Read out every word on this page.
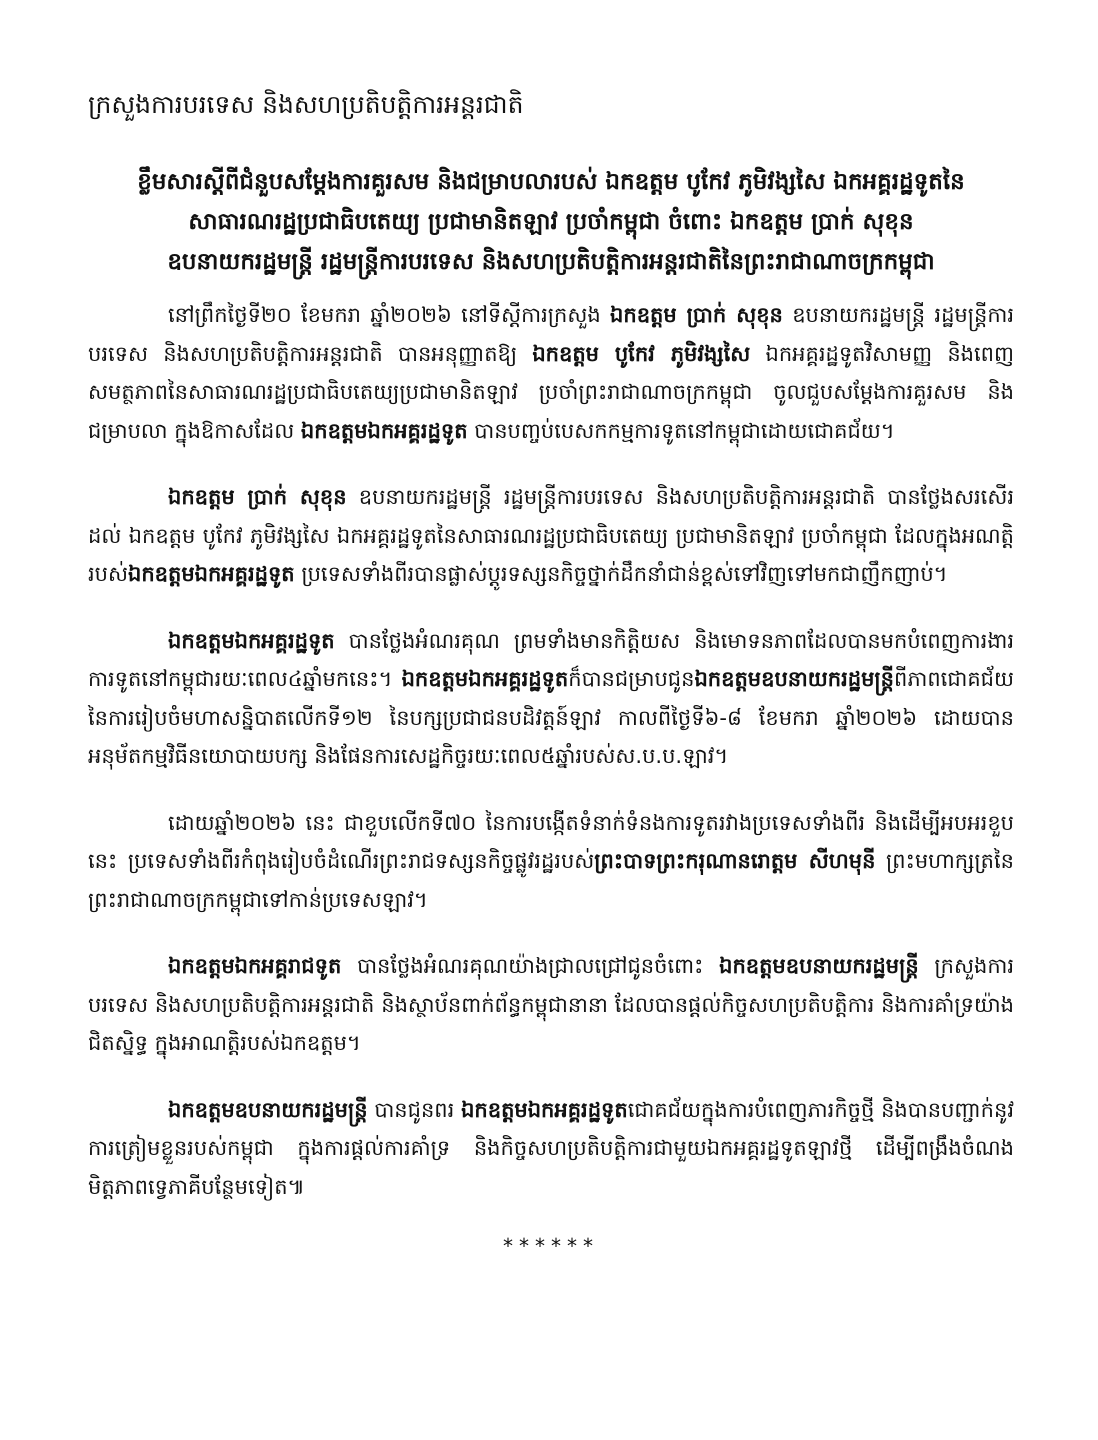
ក្រសួងការបរទេស និងសហប្រតិបត្តិការអន្តរជាតិ
ខ្លឹមសារស្តីពីជំនួបសម្តែងការគួរសម និងជម្រាបលារបស់ ឯកឧត្តម បូកែវ ភូមិវង្សសៃ ឯកអគ្គរដ្ឋទូតនៃ
សាធារណរដ្ឋប្រជាធិបតេយ្យ ប្រជាមានិតឡាវ ប្រចាំកម្ពុជា ចំពោះ ឯកឧត្តម ប្រាក់ សុខុន
ឧបនាយករដ្ឋមន្ត្រី រដ្ឋមន្ត្រីការបរទេស និងសហប្រតិបត្តិការអន្តរជាតិនៃព្រះរាជាណាចក្រកម្ពុជា

នៅព្រឹកថ្ងៃទី២០ ខែមករា ឆ្នាំ២០២៦ នៅទីស្តីការក្រសួង ឯកឧត្តម ប្រាក់ សុខុន ឧបនាយករដ្ឋមន្ត្រី រដ្ឋមន្ត្រីការបរទេស និងសហប្រតិបត្តិការអន្តរជាតិ បានអនុញ្ញាតឱ្យ ឯកឧត្តម បូកែវ ភូមិវង្សសៃ ឯកអគ្គរដ្ឋទូតវិសាមញ្ញ និងពេញសមត្ថភាពនៃសាធារណរដ្ឋប្រជាធិបតេយ្យប្រជាមានិតឡាវ ប្រចាំព្រះរាជាណាចក្រកម្ពុជា ចូលជួបសម្តែងការគួរសម និងជម្រាបលា ក្នុងឱកាសដែល ឯកឧត្តមឯកអគ្គរដ្ឋទូត បានបញ្ចប់បេសកកម្មការទូតនៅកម្ពុជាដោយជោគជ័យ។

ឯកឧត្តម ប្រាក់ សុខុន ឧបនាយករដ្ឋមន្ត្រី រដ្ឋមន្ត្រីការបរទេស និងសហប្រតិបត្តិការអន្តរជាតិ បានថ្លែងសរសើរដល់ ឯកឧត្តម បូកែវ ភូមិវង្សសៃ ឯកអគ្គរដ្ឋទូតនៃសាធារណរដ្ឋប្រជាធិបតេយ្យ ប្រជាមានិតឡាវ ប្រចាំកម្ពុជា ដែលក្នុងអណត្តិរបស់ឯកឧត្តមឯកអគ្គរដ្ឋទូត ប្រទេសទាំងពីរបានផ្លាស់ប្តូរទស្សនកិច្ចថ្នាក់ដឹកនាំជាន់ខ្ពស់ទៅវិញទៅមកជាញឹកញាប់។

ឯកឧត្តមឯកអគ្គរដ្ឋទូត បានថ្លែងអំណរគុណ ព្រមទាំងមានកិត្តិយស និងមោទនភាពដែលបានមកបំពេញការងារការទូតនៅកម្ពុជារយៈពេល៤ឆ្នាំមកនេះ។ ឯកឧត្តមឯកអគ្គរដ្ឋទូតក៏បានជម្រាបជូនឯកឧត្តមឧបនាយករដ្ឋមន្ត្រីពីភាពជោគជ័យនៃការរៀបចំមហាសន្និបាតលើកទី១២ នៃបក្សប្រជាជនបដិវត្តន៍ឡាវ កាលពីថ្ងៃទី៦-៨ ខែមករា ឆ្នាំ២០២៦ ដោយបានអនុម័តកម្មវិធីនយោបាយបក្ស និងផែនការសេដ្ឋកិច្ចរយៈពេល៥ឆ្នាំរបស់ស.ប.ប.ឡាវ។

ដោយឆ្នាំ២០២៦ នេះ ជាខួបលើកទី៧០ នៃការបង្កើតទំនាក់ទំនងការទូតរវាងប្រទេសទាំងពីរ និងដើម្បីអបអរខួបនេះ ប្រទេសទាំងពីរកំពុងរៀបចំដំណើរព្រះរាជទស្សនកិច្ចផ្លូវរដ្ឋរបស់ព្រះបាទព្រះករុណានរោត្តម សីហមុនី ព្រះមហាក្សត្រនៃព្រះរាជាណាចក្រកម្ពុជាទៅកាន់ប្រទេសឡាវ។

ឯកឧត្តមឯកអគ្គរាជទូត បានថ្លែងអំណរគុណយ៉ាងជ្រាលជ្រៅជូនចំពោះ ឯកឧត្តមឧបនាយករដ្ឋមន្ត្រី ក្រសួងការបរទេស និងសហប្រតិបត្តិការអន្តរជាតិ និងស្ថាប័នពាក់ព័ន្ធកម្ពុជានានា ដែលបានផ្តល់កិច្ចសហប្រតិបត្តិការ និងការគាំទ្រយ៉ាងជិតស្និទ្ធ ក្នុងអាណត្តិរបស់ឯកឧត្តម។

ឯកឧត្តមឧបនាយករដ្ឋមន្ត្រី បានជូនពរ ឯកឧត្តមឯកអគ្គរដ្ឋទូតជោគជ័យក្នុងការបំពេញភារកិច្ចថ្មី និងបានបញ្ជាក់នូវការត្រៀមខ្លួនរបស់កម្ពុជា ក្នុងការផ្តល់ការគាំទ្រ និងកិច្ចសហប្រតិបត្តិការជាមួយឯកអគ្គរដ្ឋទូតឡាវថ្មី ដើម្បីពង្រឹងចំណងមិត្តភាពទ្វេភាគីបន្ថែមទៀត៕

******
